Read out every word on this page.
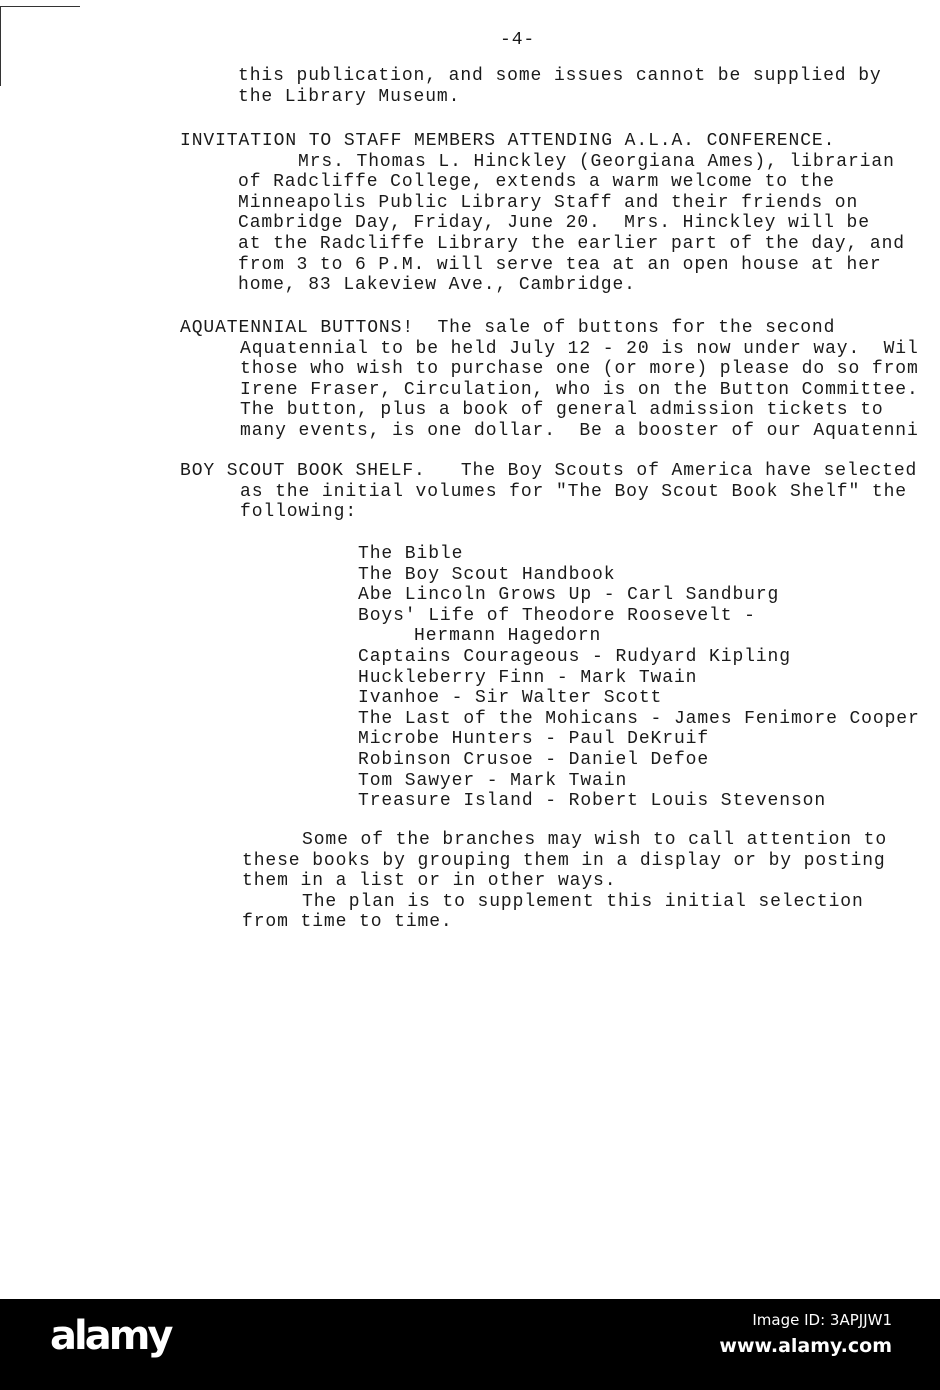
-4-
this publication, and some issues cannot be supplied by
the Library Museum.
INVITATION TO STAFF MEMBERS ATTENDING A.L.A. CONFERENCE.
Mrs. Thomas L. Hinckley (Georgiana Ames), librarian
of Radcliffe College, extends a warm welcome to the
Minneapolis Public Library Staff and their friends on
Cambridge Day, Friday, June 20.  Mrs. Hinckley will be
at the Radcliffe Library the earlier part of the day, and
from 3 to 6 P.M. will serve tea at an open house at her
home, 83 Lakeview Ave., Cambridge.
AQUATENNIAL BUTTONS!  The sale of buttons for the second
Aquatennial to be held July 12 - 20 is now under way.  Wil
those who wish to purchase one (or more) please do so from
Irene Fraser, Circulation, who is on the Button Committee.
The button, plus a book of general admission tickets to
many events, is one dollar.  Be a booster of our Aquatenni
BOY SCOUT BOOK SHELF.   The Boy Scouts of America have selected
as the initial volumes for "The Boy Scout Book Shelf" the
following:
The Bible
The Boy Scout Handbook
Abe Lincoln Grows Up - Carl Sandburg
Boys' Life of Theodore Roosevelt -
Hermann Hagedorn
Captains Courageous - Rudyard Kipling
Huckleberry Finn - Mark Twain
Ivanhoe - Sir Walter Scott
The Last of the Mohicans - James Fenimore Cooper
Microbe Hunters - Paul DeKruif
Robinson Crusoe - Daniel Defoe
Tom Sawyer - Mark Twain
Treasure Island - Robert Louis Stevenson
Some of the branches may wish to call attention to
these books by grouping them in a display or by posting
them in a list or in other ways.
The plan is to supplement this initial selection
from time to time.
alamy	Image ID: 3APJJW1
www.alamy.com
